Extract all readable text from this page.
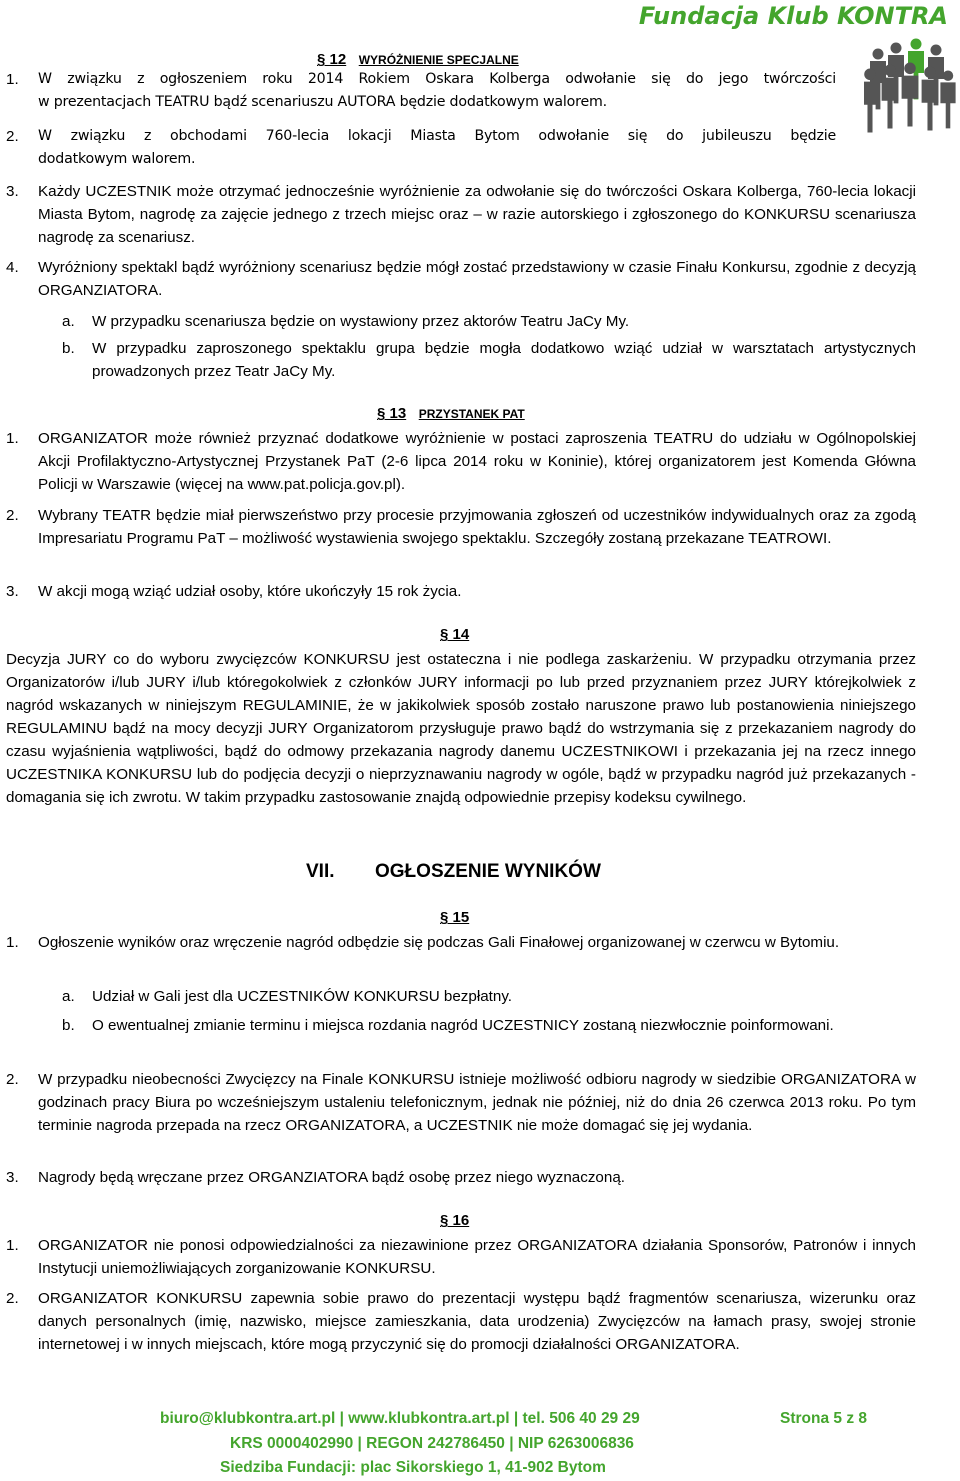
Fundacja Klub KONTRA
§ 12 WYRÓŻNIENIE SPECJALNE
1.	W związku z ogłoszeniem roku 2014 Rokiem Oskara Kolberga odwołanie się do jego twórczości
w prezentacjach TEATRU bądź scenariuszu AUTORA będzie dodatkowym walorem.
2.	W związku z obchodami 760-lecia lokacji Miasta Bytom odwołanie się do jubileuszu będzie
dodatkowym walorem.
3.	Każdy UCZESTNIK może otrzymać jednocześnie wyróżnienie za odwołanie się do twórczości Oskara Kolberga, 760-lecia lokacji Miasta Bytom, nagrodę za zajęcie jednego z trzech miejsc oraz – w razie autorskiego i zgłoszonego do KONKURSU scenariusza nagrodę za scenariusz.
4.	Wyróżniony spektakl bądź wyróżniony scenariusz będzie mógł zostać przedstawiony w czasie Finału Konkursu, zgodnie z decyzją ORGANZIATORA.
a.	W przypadku scenariusza będzie on wystawiony przez aktorów Teatru JaCy My.
b.	W przypadku zaproszonego spektaklu grupa będzie mogła dodatkowo wziąć udział w warsztatach artystycznych prowadzonych przez Teatr JaCy My.
§ 13 PRZYSTANEK PAT
1.	ORGANIZATOR może również przyznać dodatkowe wyróżnienie w postaci zaproszenia TEATRU do udziału w Ogólnopolskiej Akcji Profilaktyczno-Artystycznej Przystanek PaT (2-6 lipca 2014 roku w Koninie), której organizatorem jest Komenda Główna Policji w Warszawie (więcej na www.pat.policja.gov.pl).
2.	Wybrany TEATR będzie miał pierwszeństwo przy procesie przyjmowania zgłoszeń od uczestników indywidualnych oraz za zgodą Impresariatu Programu PaT – możliwość wystawienia swojego spektaklu. Szczegóły zostaną przekazane TEATROWI.
3.	W akcji mogą wziąć udział osoby, które ukończyły 15 rok życia.
§ 14
Decyzja JURY co do wyboru zwycięzców KONKURSU jest ostateczna i nie podlega zaskarżeniu. W przypadku otrzymania przez Organizatorów i/lub JURY i/lub któregokolwiek z członków JURY informacji po lub przed przyznaniem przez JURY którejkolwiek z nagród wskazanych w niniejszym REGULAMINIE, że w jakikolwiek sposób zostało naruszone prawo lub postanowienia niniejszego REGULAMINU bądź na mocy decyzji JURY Organizatorom przysługuje prawo bądź do wstrzymania się z przekazaniem nagrody do czasu wyjaśnienia wątpliwości, bądź do odmowy przekazania nagrody danemu UCZESTNIKOWI i przekazania jej na rzecz innego UCZESTNIKA KONKURSU lub do podjęcia decyzji o nieprzyznawaniu nagrody w ogóle, bądź w przypadku nagród już przekazanych - domagania się ich zwrotu. W takim przypadku zastosowanie znajdą odpowiednie przepisy kodeksu cywilnego.
VII. OGŁOSZENIE WYNIKÓW
§ 15
1.	Ogłoszenie wyników oraz wręczenie nagród odbędzie się podczas Gali Finałowej organizowanej w czerwcu w Bytomiu.
a.	Udział w Gali jest dla UCZESTNIKÓW KONKURSU bezpłatny.
b.	O ewentualnej zmianie terminu i miejsca rozdania nagród UCZESTNICY zostaną niezwłocznie poinformowani.
2.	W przypadku nieobecności Zwycięzcy na Finale KONKURSU istnieje możliwość odbioru nagrody w siedzibie ORGANIZATORA w godzinach pracy Biura po wcześniejszym ustaleniu telefonicznym, jednak nie później, niż do dnia 26 czerwca 2013 roku. Po tym terminie nagroda przepada na rzecz ORGANIZATORA, a UCZESTNIK nie może domagać się jej wydania.
3.	Nagrody będą wręczane przez ORGANZIATORA bądź osobę przez niego wyznaczoną.
§ 16
1.	ORGANIZATOR nie ponosi odpowiedzialności za niezawinione przez ORGANIZATORA działania Sponsorów, Patronów i innych Instytucji uniemożliwiających zorganizowanie KONKURSU.
2.	ORGANIZATOR KONKURSU zapewnia sobie prawo do prezentacji występu bądź fragmentów scenariusza, wizerunku oraz danych personalnych (imię, nazwisko, miejsce zamieszkania, data urodzenia) Zwycięzców na łamach prasy, swojej stronie internetowej i w innych miejscach, które mogą przyczynić się do promocji działalności ORGANIZATORA.
biuro@klubkontra.art.pl | www.klubkontra.art.pl | tel. 506 40 29 29	Strona 5 z 8
KRS 0000402990 | REGON 242786450 | NIP 6263006836
Siedziba Fundacji: plac Sikorskiego 1, 41-902 Bytom
